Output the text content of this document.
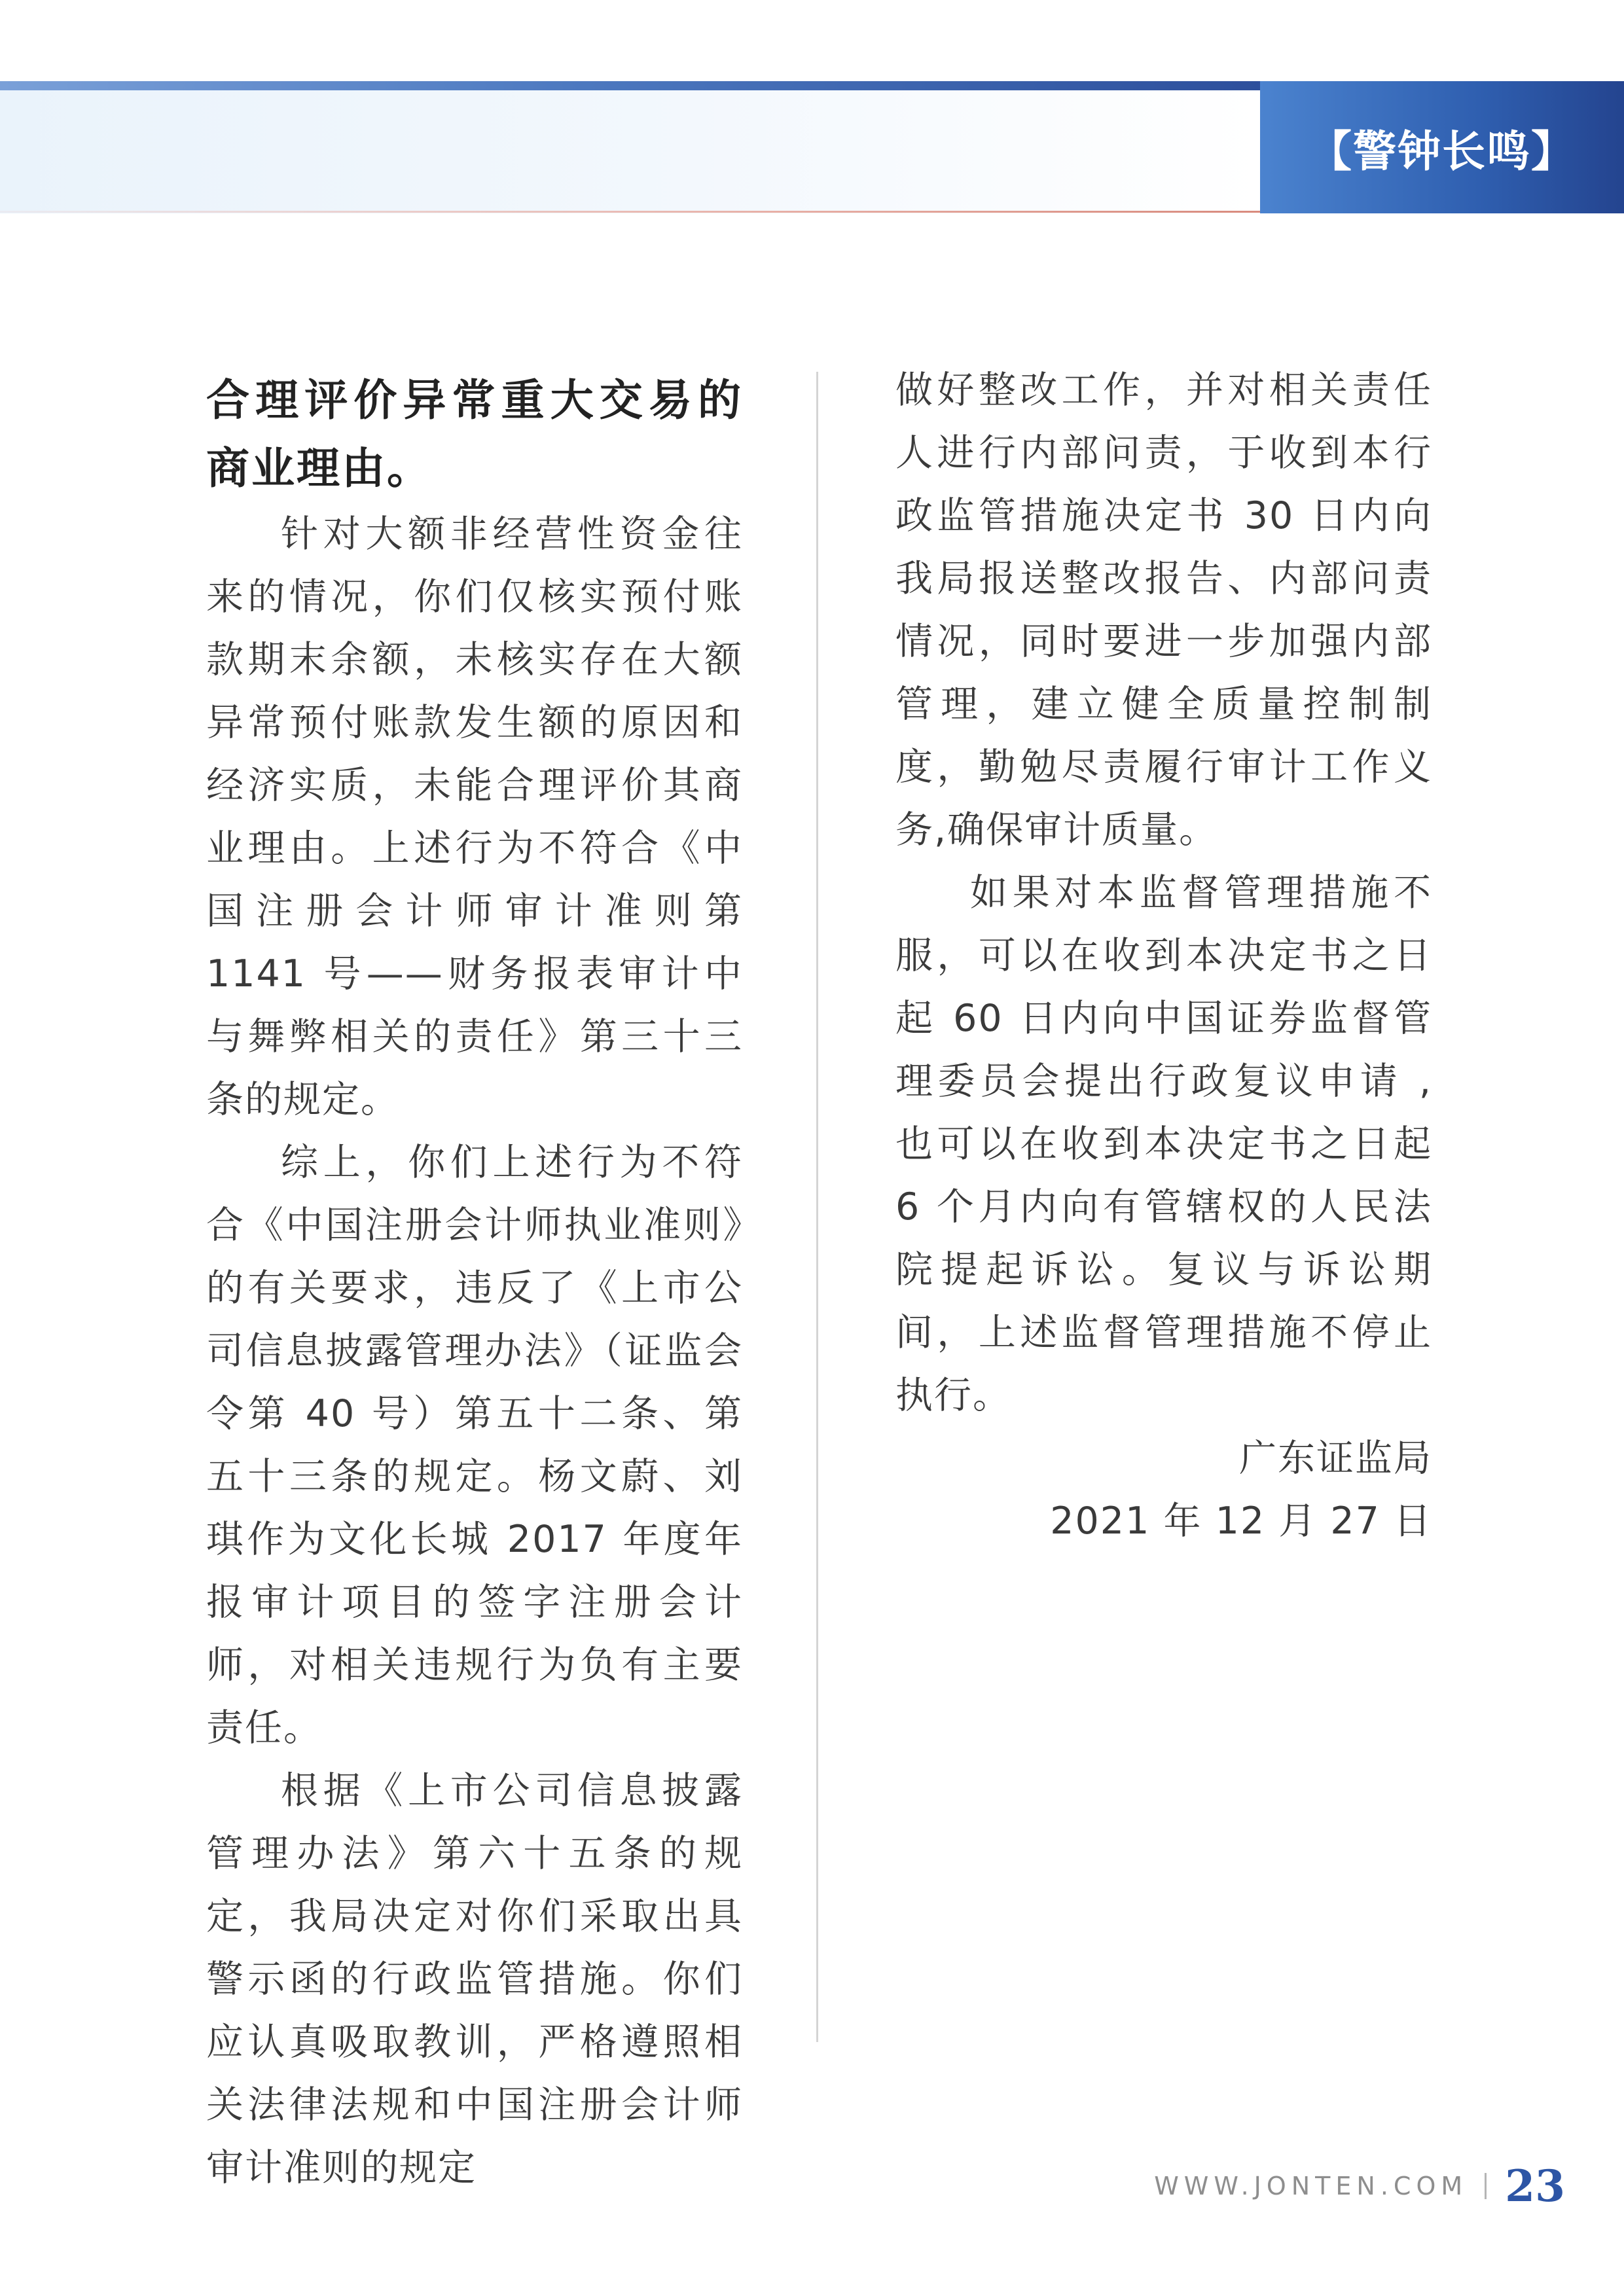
【警钟长鸣】

合理评价异常重大交易的商业理由。

针对大额非经营性资金往来的情况，你们仅核实预付账款期末余额，未核实存在大额异常预付账款发生额的原因和经济实质，未能合理评价其商业理由。上述行为不符合《中国注册会计师审计准则第 1141 号——财务报表审计中与舞弊相关的责任》第三十三条的规定。

综上，你们上述行为不符合《中国注册会计师执业准则》的有关要求，违反了《上市公司信息披露管理办法》（证监会令第 40 号）第五十二条、第五十三条的规定。杨文蔚、刘琪作为文化长城 2017 年度年报审计项目的签字注册会计师，对相关违规行为负有主要责任。

根据《上市公司信息披露管理办法》第六十五条的规定，我局决定对你们采取出具警示函的行政监管措施。你们应认真吸取教训，严格遵照相关法律法规和中国注册会计师审计准则的规定

做好整改工作，并对相关责任人进行内部问责，于收到本行政监管措施决定书 30 日内向我局报送整改报告、内部问责情况，同时要进一步加强内部管理，建立健全质量控制制度，勤勉尽责履行审计工作义务,确保审计质量。

如果对本监督管理措施不服，可以在收到本决定书之日起 60 日内向中国证券监督管理委员会提出行政复议申请 , 也可以在收到本决定书之日起 6 个月内向有管辖权的人民法院提起诉讼。复议与诉讼期间，上述监督管理措施不停止执行。

广东证监局
2021 年 12 月 27 日
WWW.JONTEN.COM 23
